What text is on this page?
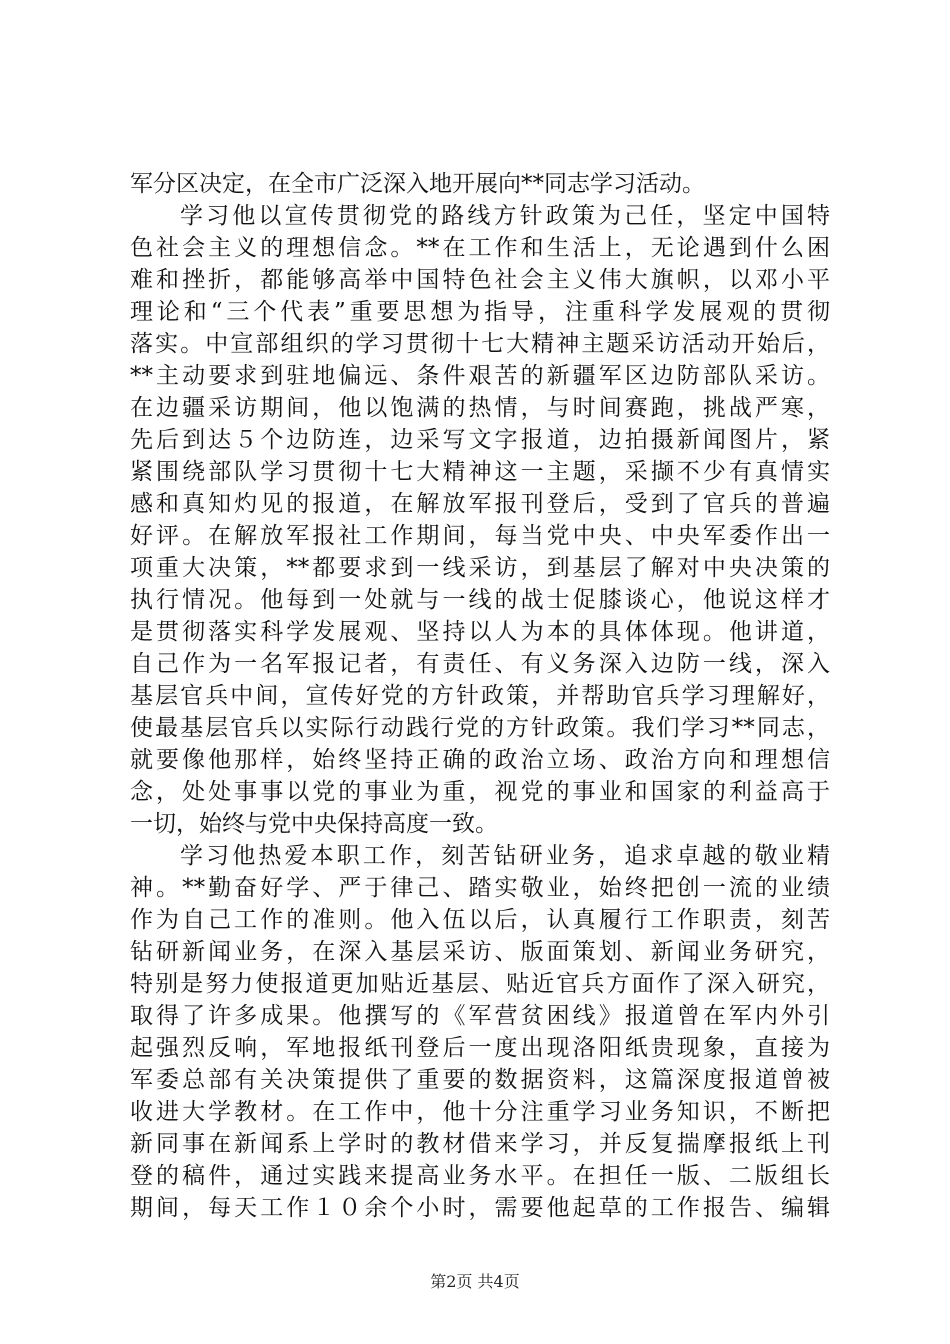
军分区决定，在全市广泛深入地开展向**同志学习活动。
学习他以宣传贯彻党的路线方针政策为己任，坚定中国特
色社会主义的理想信念。**在工作和生活上，无论遇到什么困
难和挫折，都能够高举中国特色社会主义伟大旗帜，以邓小平
理论和“三个代表”重要思想为指导，注重科学发展观的贯彻
落实。中宣部组织的学习贯彻十七大精神主题采访活动开始后，
**主动要求到驻地偏远、条件艰苦的新疆军区边防部队采访。
在边疆采访期间，他以饱满的热情，与时间赛跑，挑战严寒，
先后到达５个边防连，边采写文字报道，边拍摄新闻图片，紧
紧围绕部队学习贯彻十七大精神这一主题，采撷不少有真情实
感和真知灼见的报道，在解放军报刊登后，受到了官兵的普遍
好评。在解放军报社工作期间，每当党中央、中央军委作出一
项重大决策，**都要求到一线采访，到基层了解对中央决策的
执行情况。他每到一处就与一线的战士促膝谈心，他说这样才
是贯彻落实科学发展观、坚持以人为本的具体体现。他讲道，
自己作为一名军报记者，有责任、有义务深入边防一线，深入
基层官兵中间，宣传好党的方针政策，并帮助官兵学习理解好，
使最基层官兵以实际行动践行党的方针政策。我们学习**同志，
就要像他那样，始终坚持正确的政治立场、政治方向和理想信
念，处处事事以党的事业为重，视党的事业和国家的利益高于
一切，始终与党中央保持高度一致。
学习他热爱本职工作，刻苦钻研业务，追求卓越的敬业精
神。**勤奋好学、严于律己、踏实敬业，始终把创一流的业绩
作为自己工作的准则。他入伍以后，认真履行工作职责，刻苦
钻研新闻业务，在深入基层采访、版面策划、新闻业务研究，
特别是努力使报道更加贴近基层、贴近官兵方面作了深入研究，
取得了许多成果。他撰写的《军营贫困线》报道曾在军内外引
起强烈反响，军地报纸刊登后一度出现洛阳纸贵现象，直接为
军委总部有关决策提供了重要的数据资料，这篇深度报道曾被
收进大学教材。在工作中，他十分注重学习业务知识，不断把
新同事在新闻系上学时的教材借来学习，并反复揣摩报纸上刊
登的稿件，通过实践来提高业务水平。在担任一版、二版组长
期间，每天工作１０余个小时，需要他起草的工作报告、编辑
第2页 共4页
